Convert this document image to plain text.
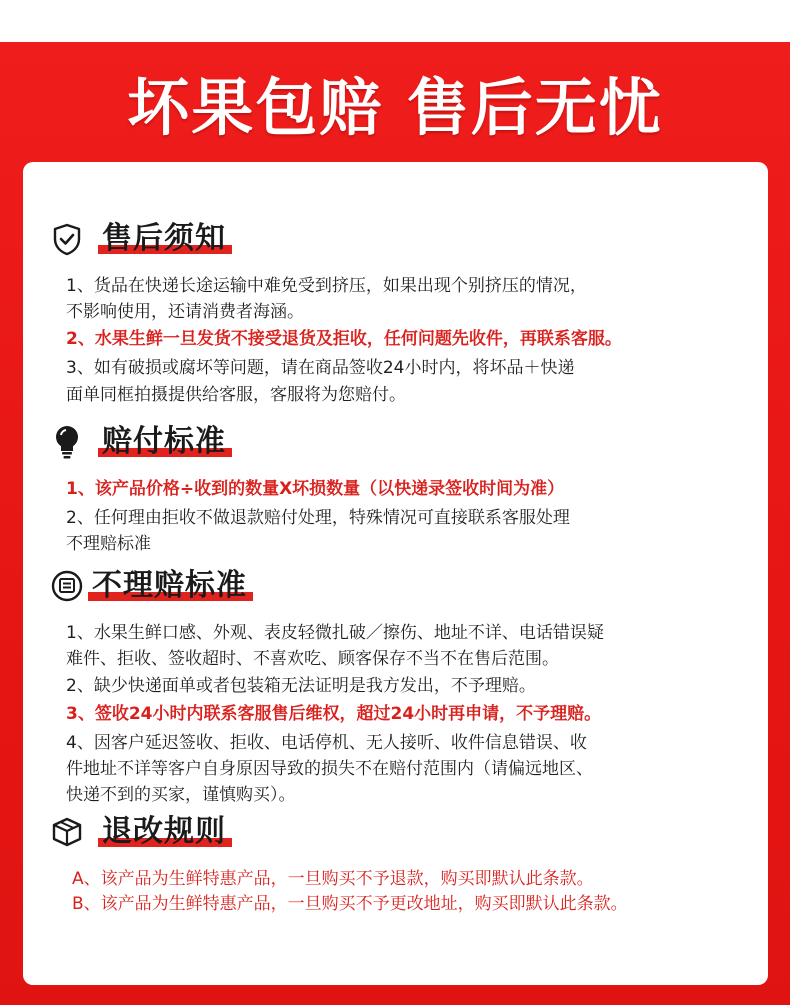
坏果包赔 售后无忧
售后须知
1、货品在快递长途运输中难免受到挤压，如果出现个别挤压的情况，
不影响使用，还请消费者海涵。
2、水果生鲜一旦发货不接受退货及拒收，任何问题先收件，再联系客服。
3、如有破损或腐坏等问题，请在商品签收24小时内，将坏品＋快递
面单同框拍摄提供给客服，客服将为您赔付。
赔付标准
1、该产品价格÷收到的数量X坏损数量（以快递录签收时间为准）
2、任何理由拒收不做退款赔付处理，特殊情况可直接联系客服处理
不理赔标准
不理赔标准
1、水果生鲜口感、外观、表皮轻微扎破／擦伤、地址不详、电话错误疑
难件、拒收、签收超时、不喜欢吃、顾客保存不当不在售后范围。
2、缺少快递面单或者包装箱无法证明是我方发出，不予理赔。
3、签收24小时内联系客服售后维权，超过24小时再申请，不予理赔。
4、因客户延迟签收、拒收、电话停机、无人接听、收件信息错误、收
件地址不详等客户自身原因导致的损失不在赔付范围内（请偏远地区、
快递不到的买家，谨慎购买）。
退改规则
A、该产品为生鲜特惠产品，一旦购买不予退款，购买即默认此条款。
B、该产品为生鲜特惠产品，一旦购买不予更改地址，购买即默认此条款。
